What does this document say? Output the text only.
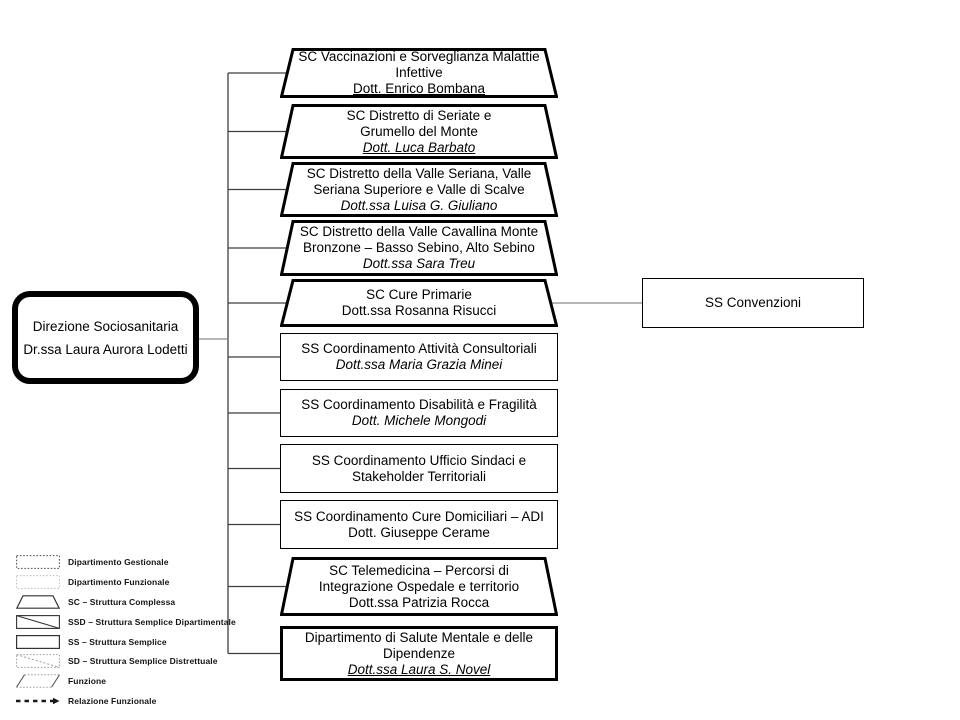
Direzione Sociosanitaria
Dr.ssa Laura Aurora Lodetti
SS Convenzioni
SC Vaccinazioni e Sorveglianza Malattie
Infettive
Dott. Enrico Bombana
SC Distretto di Seriate e
Grumello del Monte
Dott. Luca Barbato
SC Distretto della Valle Seriana, Valle
Seriana Superiore e Valle di Scalve
Dott.ssa Luisa G. Giuliano
SC Distretto della Valle Cavallina Monte
Bronzone – Basso Sebino, Alto Sebino
Dott.ssa Sara Treu
SC Cure Primarie
Dott.ssa Rosanna Risucci
SS Coordinamento Attività Consultoriali
Dott.ssa Maria Grazia Minei
SS Coordinamento Disabilità e Fragilità
Dott. Michele Mongodi
SS Coordinamento Ufficio Sindaci e
Stakeholder Territoriali
SS Coordinamento Cure Domiciliari – ADI
Dott. Giuseppe Cerame
SC Telemedicina – Percorsi di
Integrazione Ospedale e territorio
Dott.ssa Patrizia Rocca
Dipartimento di Salute Mentale e delle
Dipendenze
Dott.ssa Laura S. Novel
Dipartimento Gestionale
Dipartimento Funzionale
SC – Struttura Complessa
SSD – Struttura Semplice Dipartimentale
SS – Struttura Semplice
SD – Struttura Semplice Distrettuale
Funzione
Relazione Funzionale
